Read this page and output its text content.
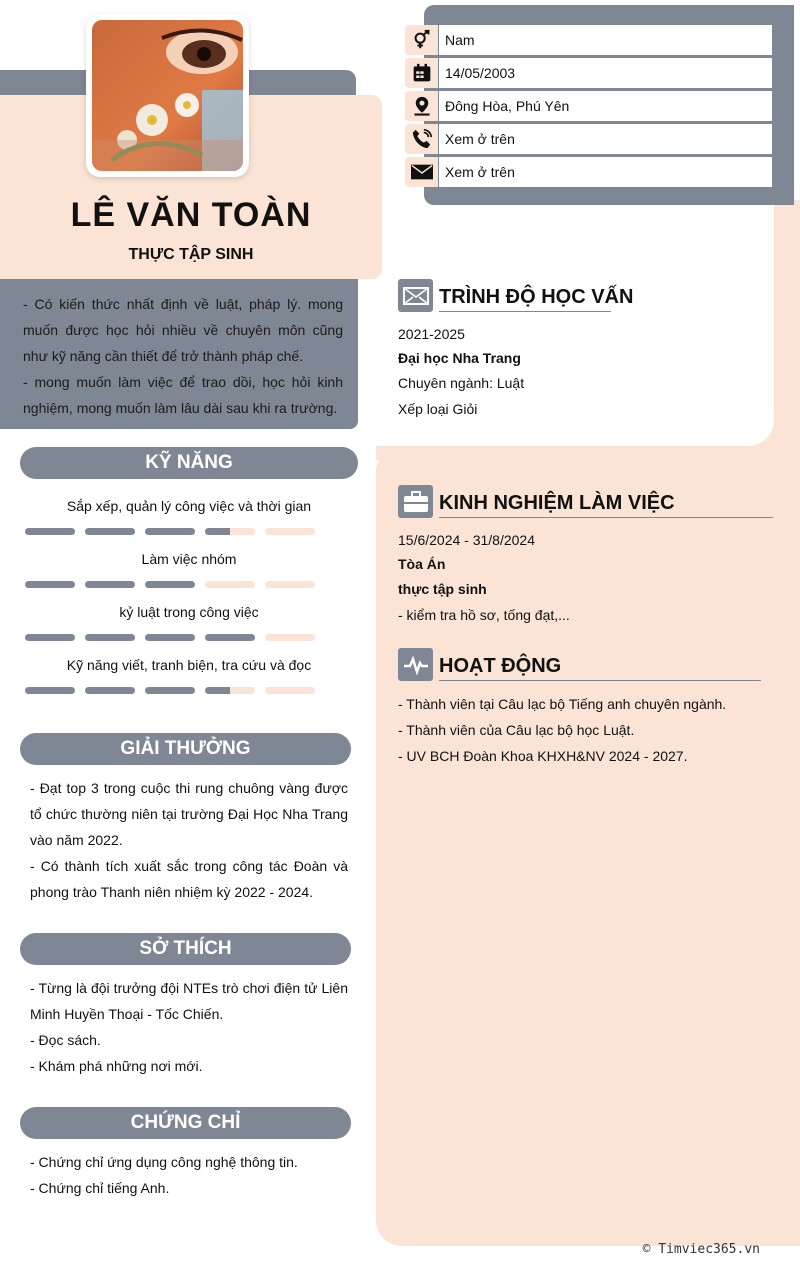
LÊ VĂN TOÀN
THỰC TẬP SINH

- Có kiến thức nhất định về luật, pháp lý. mong muốn được học hỏi nhiều về chuyên môn cũng như kỹ năng cần thiết để trở thành pháp chế.

- mong muốn làm việc để trao dồi, học hỏi kinh nghiệm, mong muốn làm lâu dài sau khi ra trường.

Nam
14/05/2003
Đông Hòa, Phú Yên
Xem ở trên
Xem ở trên
TRÌNH ĐỘ HỌC VẤN
2021-2025
Đại học Nha Trang
Chuyên ngành: Luật
Xếp loại Giỏi
KINH NGHIỆM LÀM VIỆC
15/6/2024 - 31/8/2024
Tòa Án
thực tập sinh
- kiểm tra hồ sơ, tống đạt,...
HOẠT ĐỘNG
- Thành viên tại Câu lạc bộ Tiếng anh chuyên ngành.
- Thành viên của Câu lạc bộ học Luật.
- UV BCH Đoàn Khoa KHXH&NV 2024 - 2027.
KỸ NĂNG
Sắp xếp, quản lý công việc và thời gian
Làm việc nhóm
kỷ luật trong công việc
Kỹ năng viết, tranh biện, tra cứu và đọc
GIẢI THƯỞNG
- Đạt top 3 trong cuộc thi rung chuông vàng được tổ chức thường niên tại trường Đại Học Nha Trang vào năm 2022.
- Có thành tích xuất sắc trong công tác Đoàn và phong trào Thanh niên nhiệm kỳ 2022 - 2024.
SỞ THÍCH
- Từng là đội trưởng đội NTEs trò chơi điện tử Liên Minh Huyền Thoại - Tốc Chiến.
- Đọc sách.
- Khám phá những nơi mới.
CHỨNG CHỈ
- Chứng chỉ ứng dụng công nghệ thông tin.
- Chứng chỉ tiếng Anh.
© Timviec365.vn
